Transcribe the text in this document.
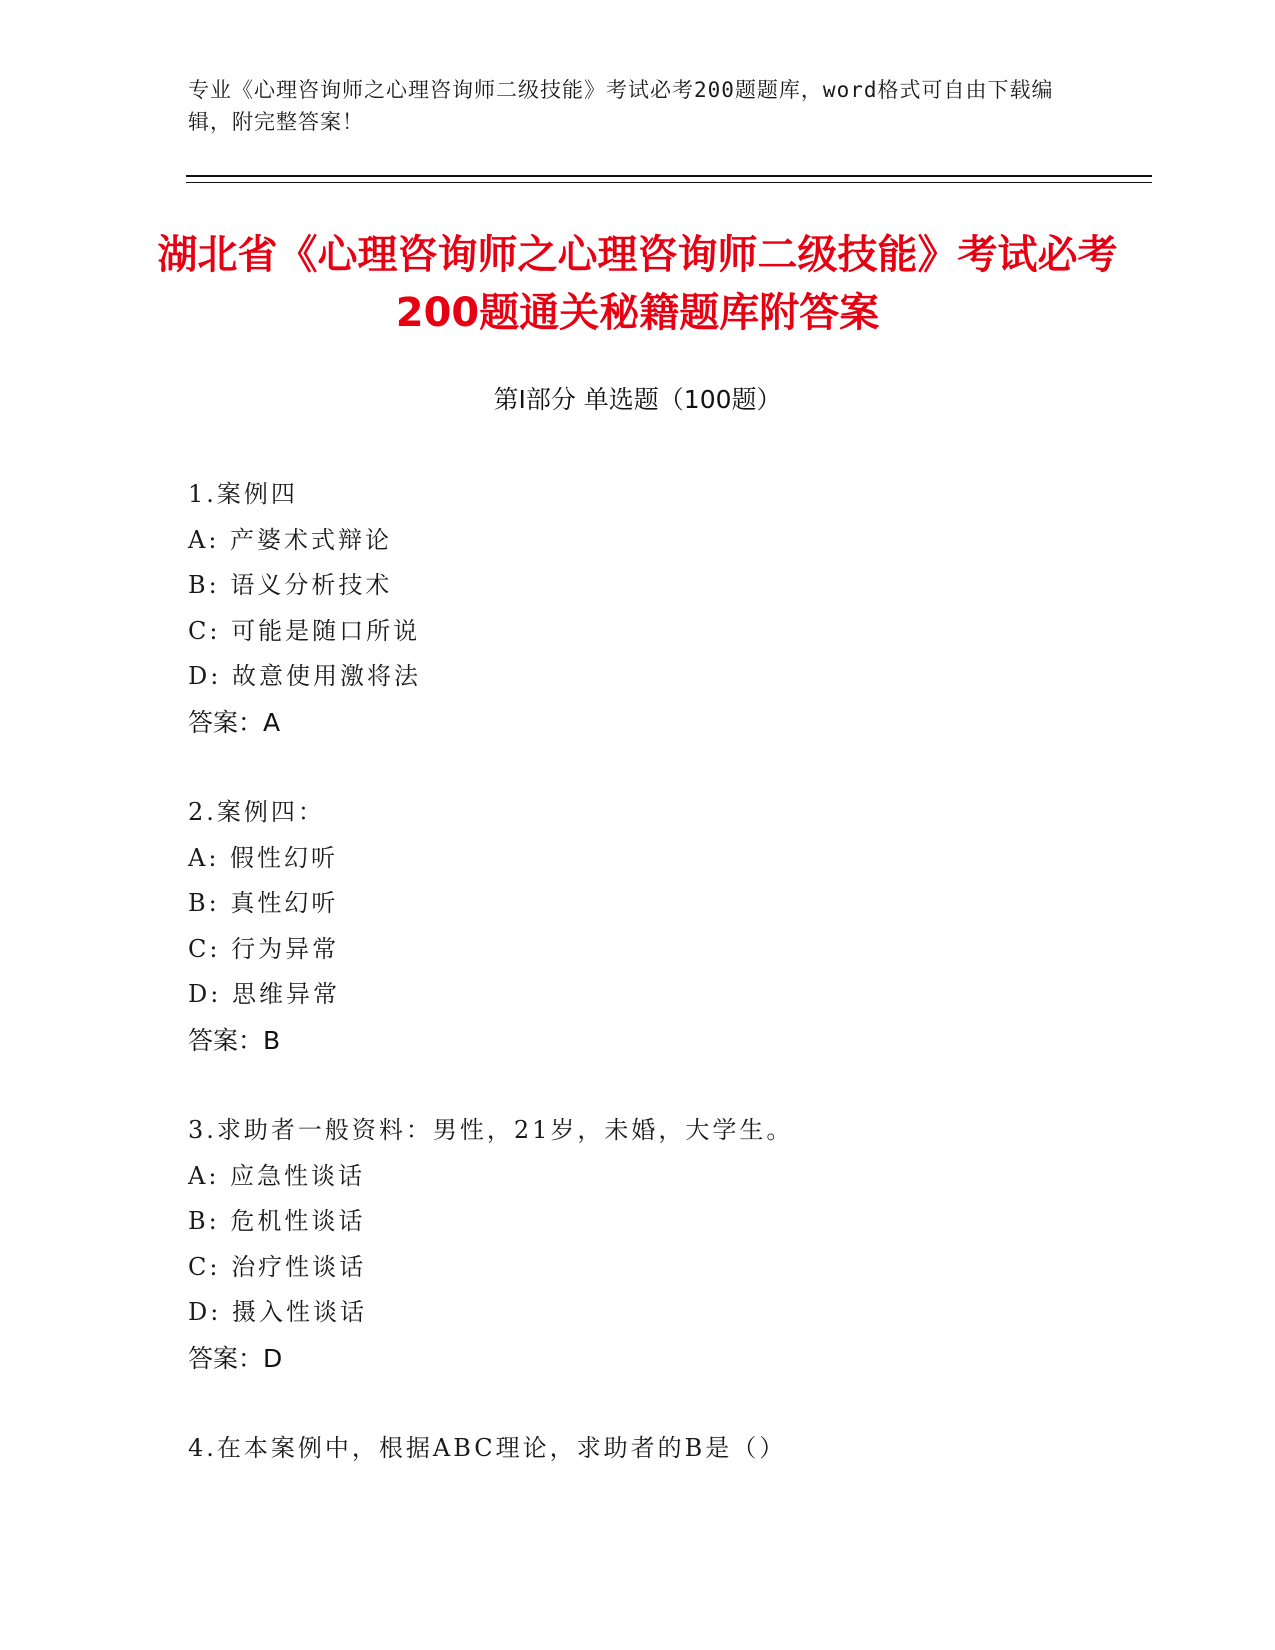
专业《心理咨询师之心理咨询师二级技能》考试必考200题题库，word格式可自由下载编辑，附完整答案！
湖北省《心理咨询师之心理咨询师二级技能》考试必考200题通关秘籍题库附答案
第Ⅰ部分 单选题（100题）
1.案例四
A: 产婆术式辩论
B: 语义分析技术
C: 可能是随口所说
D: 故意使用激将法
答案：A
2.案例四：
A: 假性幻听
B: 真性幻听
C: 行为异常
D: 思维异常
答案：B
3.求助者一般资料：男性，21岁，未婚，大学生。
A: 应急性谈话
B: 危机性谈话
C: 治疗性谈话
D: 摄入性谈话
答案：D
4.在本案例中，根据ABC理论，求助者的B是（）
